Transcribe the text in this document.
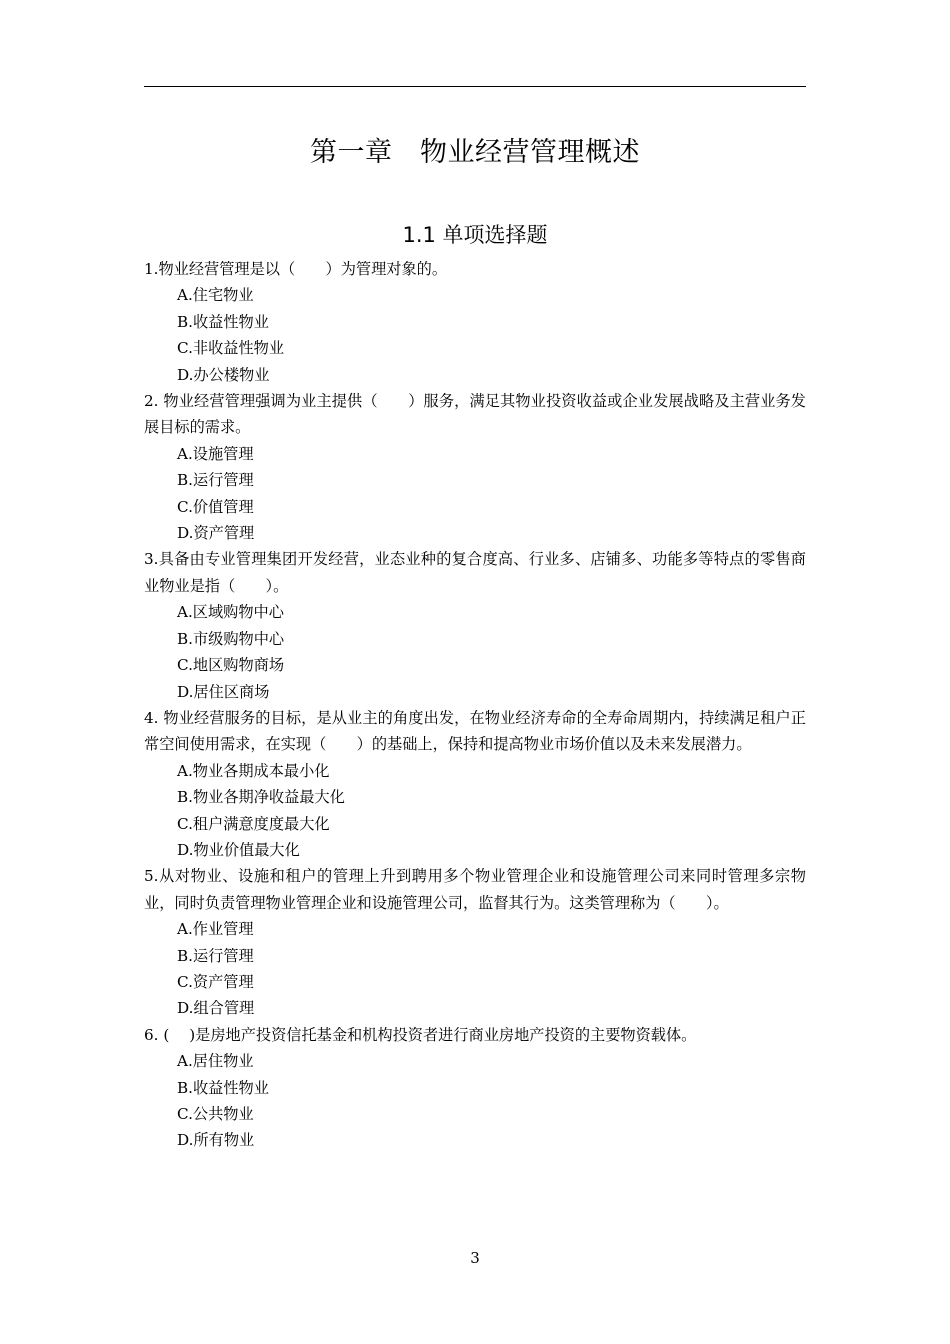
第一章　物业经营管理概述
1.1 单项选择题

1.物业经营管理是以（　　）为管理对象的。

A.住宅物业

B.收益性物业

C.非收益性物业

D.办公楼物业

2. 物业经营管理强调为业主提供（　　）服务，满足其物业投资收益或企业发展战略及主营业务发展目标的需求。

A.设施管理

B.运行管理

C.价值管理

D.资产管理

3.具备由专业管理集团开发经营，业态业种的复合度高、行业多、店铺多、功能多等特点的零售商业物业是指（　　）。

A.区域购物中心

B.市级购物中心

C.地区购物商场

D.居住区商场

4. 物业经营服务的目标，是从业主的角度出发，在物业经济寿命的全寿命周期内，持续满足租户正常空间使用需求，在实现（　　）的基础上，保持和提高物业市场价值以及未来发展潜力。

A.物业各期成本最小化

B.物业各期净收益最大化

C.租户满意度度最大化

D.物业价值最大化

5.从对物业、设施和租户的管理上升到聘用多个物业管理企业和设施管理公司来同时管理多宗物业，同时负责管理物业管理企业和设施管理公司，监督其行为。这类管理称为（　　）。

A.作业管理

B.运行管理

C.资产管理

D.组合管理

6. (　 )是房地产投资信托基金和机构投资者进行商业房地产投资的主要物资载体。

A.居住物业

B.收益性物业

C.公共物业

D.所有物业

3
